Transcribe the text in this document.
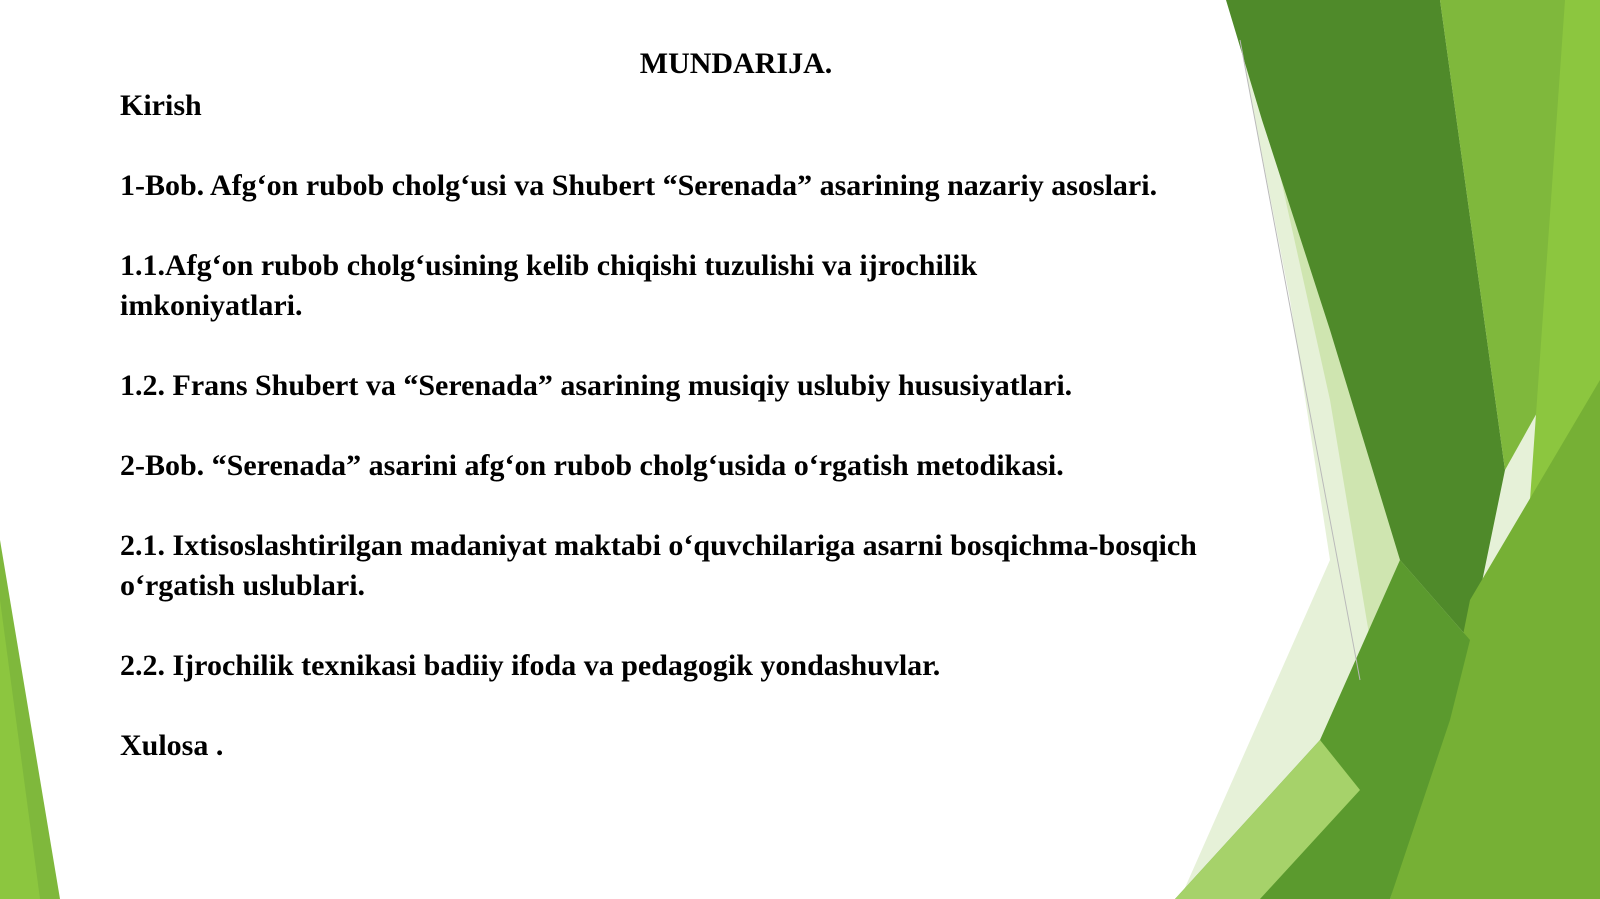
MUNDARIJA.
Kirish
1-Bob. Afg‘on rubob cholg‘usi va Shubert “Serenada” asarining nazariy asoslari.
1.1.Afg‘on rubob cholg‘usining kelib chiqishi tuzulishi va ijrochilik
imkoniyatlari.
1.2. Frans Shubert va “Serenada” asarining musiqiy uslubiy hususiyatlari.
2-Bob. “Serenada” asarini afg‘on rubob cholg‘usida o‘rgatish metodikasi.
2.1. Ixtisoslashtirilgan madaniyat maktabi o‘quvchilariga asarni bosqichma-bosqich
o‘rgatish uslublari.
2.2. Ijrochilik texnikasi badiiy ifoda va pedagogik yondashuvlar.
Xulosa .
